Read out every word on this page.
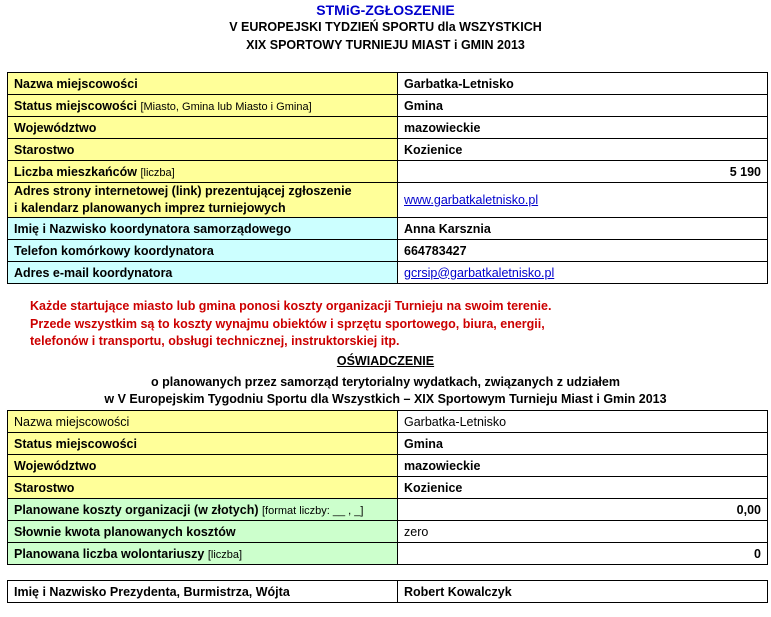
STMiG-ZGŁOSZENIE
V EUROPEJSKI TYDZIEŃ SPORTU dla WSZYSTKICH
XIX SPORTOWY TURNIEJU MIAST i GMIN 2013
Nazwa miejscowości	Garbatka-Letnisko
Status miejscowości [Miasto, Gmina lub Miasto i Gmina]	Gmina
Województwo	mazowieckie
Starostwo	Kozienice
Liczba mieszkańców [liczba]	5 190
Adres strony internetowej (link) prezentującej zgłoszenie
i kalendarz planowanych imprez turniejowych	www.garbatkaletnisko.pl
Imię i Nazwisko koordynatora samorządowego	Anna Karsznia
Telefon komórkowy koordynatora	664783427
Adres e-mail koordynatora	gcrsip@garbatkaletnisko.pl
Każde startujące miasto lub gmina ponosi koszty organizacji Turnieju na swoim terenie.
Przede wszystkim są to koszty wynajmu obiektów i sprzętu sportowego, biura, energii,
telefonów i transportu, obsługi technicznej, instruktorskiej itp.
OŚWIADCZENIE
o planowanych przez samorząd terytorialny wydatkach, związanych z udziałem
w V Europejskim Tygodniu Sportu dla Wszystkich – XIX Sportowym Turnieju Miast i Gmin 2013
Nazwa miejscowości	Garbatka-Letnisko
Status miejscowości	Gmina
Województwo	mazowieckie
Starostwo	Kozienice
Planowane koszty organizacji (w złotych) [format liczby: __ , _]	0,00
Słownie kwota planowanych kosztów	zero
Planowana liczba wolontariuszy [liczba]	0
Imię i Nazwisko Prezydenta, Burmistrza, Wójta	Robert Kowalczyk
